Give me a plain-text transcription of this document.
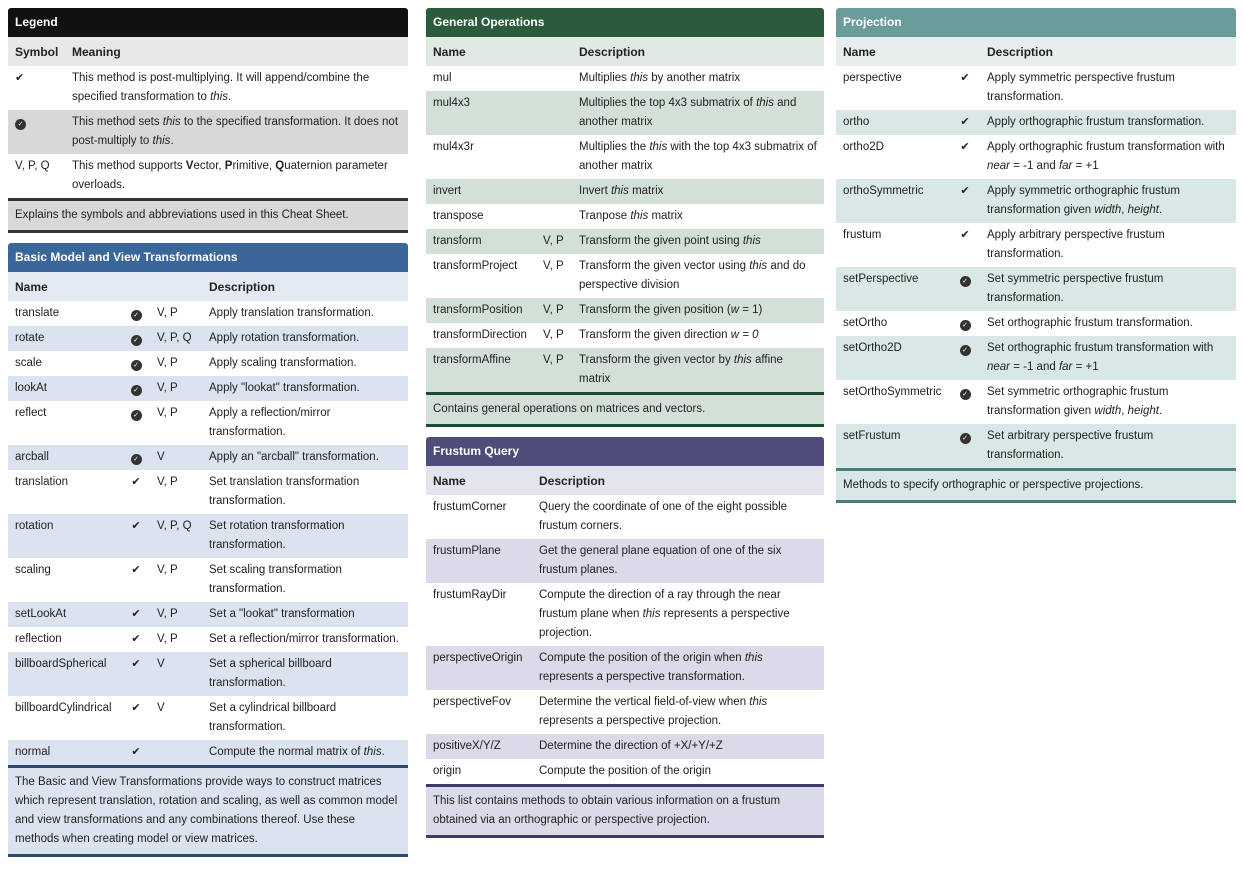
Legend
Symbol	Meaning
✔	This method is post-multiplying. It will append/combine the specified transformation to this.
✓	This method sets this to the specified transformation. It does not post-multiply to this.
V, P, Q	This method supports Vector, Primitive, Quaternion parameter overloads.
Explains the symbols and abbreviations used in this Cheat Sheet.
Basic Model and View Transformations
Name			Description
translate	✓	V, P	Apply translation transformation.
rotate	✓	V, P, Q	Apply rotation transformation.
scale	✓	V, P	Apply scaling transformation.
lookAt	✓	V, P	Apply "lookat" transformation.
reflect	✓	V, P	Apply a reflection/mirror transformation.
arcball	✓	V	Apply an "arcball" transformation.
translation	✔	V, P	Set translation transformation transformation.
rotation	✔	V, P, Q	Set rotation transformation transformation.
scaling	✔	V, P	Set scaling transformation transformation.
setLookAt	✔	V, P	Set a "lookat" transformation
reflection	✔	V, P	Set a reflection/mirror transformation.
billboardSpherical	✔	V	Set a spherical billboard transformation.
billboardCylindrical	✔	V	Set a cylindrical billboard transformation.
normal	✔		Compute the normal matrix of this.
The Basic and View Transformations provide ways to construct matrices which represent translation, rotation and scaling, as well as common model and view transformations and any combinations thereof. Use these methods when creating model or view matrices.
General Operations
Name		Description
mul		Multiplies this by another matrix
mul4x3		Multiplies the top 4x3 submatrix of this and another matrix
mul4x3r		Multiplies the this with the top 4x3 submatrix of another matrix
invert		Invert this matrix
transpose		Tranpose this matrix
transform	V, P	Transform the given point using this
transformProject	V, P	Transform the given vector using this and do perspective division
transformPosition	V, P	Transform the given position (w = 1)
transformDirection	V, P	Transform the given direction w = 0
transformAffine	V, P	Transform the given vector by this affine matrix
Contains general operations on matrices and vectors.
Frustum Query
Name	Description
frustumCorner	Query the coordinate of one of the eight possible frustum corners.
frustumPlane	Get the general plane equation of one of the six frustum planes.
frustumRayDir	Compute the direction of a ray through the near frustum plane when this represents a perspective projection.
perspectiveOrigin	Compute the position of the origin when this represents a perspective transformation.
perspectiveFov	Determine the vertical field-of-view when this represents a perspective projection.
positiveX/Y/Z	Determine the direction of +X/+Y/+Z
origin	Compute the position of the origin
This list contains methods to obtain various information on a frustum obtained via an orthographic or perspective projection.
Projection
Name		Description
perspective	✔	Apply symmetric perspective frustum transformation.
ortho	✔	Apply orthographic frustum transformation.
ortho2D	✔	Apply orthographic frustum transformation with near = -1 and far = +1
orthoSymmetric	✔	Apply symmetric orthographic frustum transformation given width, height.
frustum	✔	Apply arbitrary perspective frustum transformation.
setPerspective	✓	Set symmetric perspective frustum transformation.
setOrtho	✓	Set orthographic frustum transformation.
setOrtho2D	✓	Set orthographic frustum transformation with near = -1 and far = +1
setOrthoSymmetric	✓	Set symmetric orthographic frustum transformation given width, height.
setFrustum	✓	Set arbitrary perspective frustum transformation.
Methods to specify orthographic or perspective projections.
